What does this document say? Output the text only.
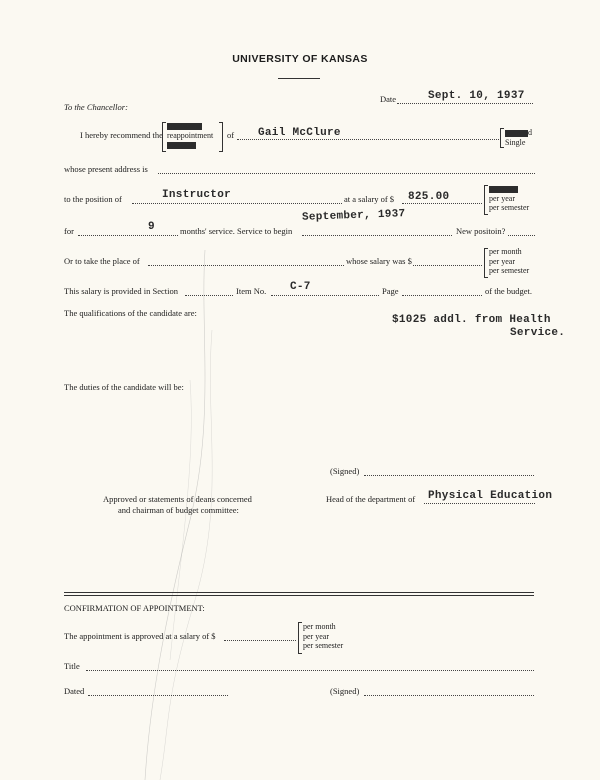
UNIVERSITY OF KANSAS
Date	Sept. 10, 1937
To the Chancellor:
I hereby recommend the
appointment
reappointment
promotion
of Gail McClure	Marriedd
Single
whose present address is
to the position of	Instructor	at a salary of $ 825.00
per month
per year
per semester
for	9	months' service. Service to begin
September, 1937
New positoin?
Or to take the place of	whose salary was $
per month
per year
per semester
This salary is provided in Section	Item No. C-7	Page	of the budget.
The qualifications of the candidate are:
$1025 addl. from Health
Service.
The duties of the candidate will be:
(Signed)
Approved or statements of deans concerned
and chairman of budget committee:
Head of the department of Physical Education
CONFIRMATION OF APPOINTMENT:
The appointment is approved at a salary of $
per month
per year
per semester
Title
Dated	(Signed)
